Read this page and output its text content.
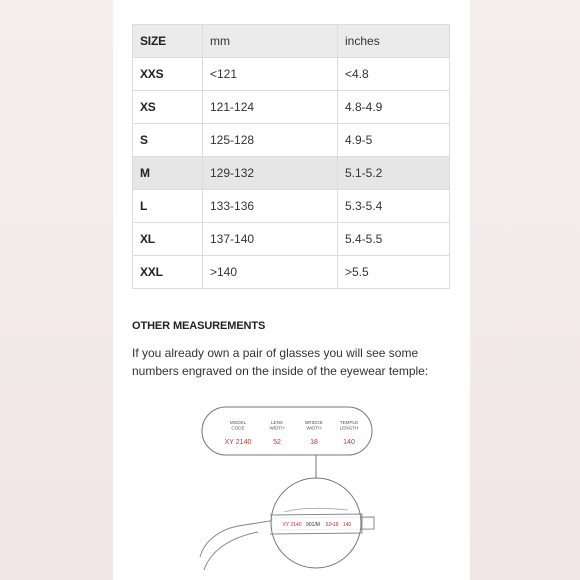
SIZE	mm	inches
XXS	<121	<4.8
XS	121-124	4.8-4.9
S	125-128	4.9-5
M	129-132	5.1-5.2
L	133-136	5.3-5.4
XL	137-140	5.4-5.5
XXL	>140	>5.5
OTHER MEASUREMENTS
If you already own a pair of glasses you will see some numbers engraved on the inside of the eyewear temple:
MODEL
CODE
LENS
WIDTH
BRIDGE
WIDTH
TEMPLE
LENGTH
XY 2140	52	18	140
XY 2140 901/M 52•18 140
